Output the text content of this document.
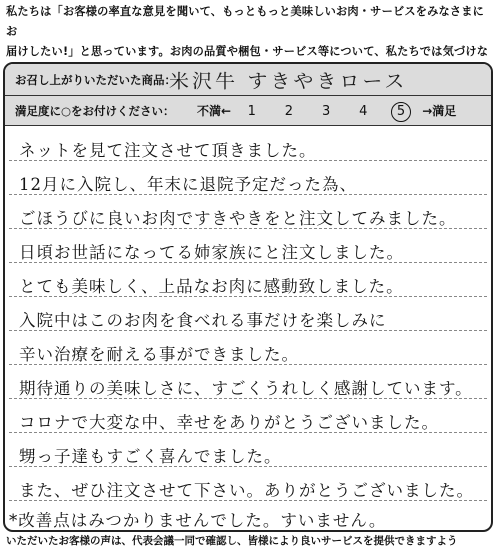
私たちは「お客様の率直な意見を聞いて、もっともっと美味しいお肉・サービスをみなさまにお
届けしたい!」と思っています。お肉の品質や梱包・サービス等について、私たちでは気づけな
お召し上がりいただいた商品：
米沢牛 すきやきロース
満足度に○をお付けください： 不満← 1 2 3 4 5 →満足
ネットを見て注文させて頂きました。
12月に入院し、年末に退院予定だった為、
ごほうびに良いお肉ですきやきをと注文してみました。
日頃お世話になってる姉家族にと注文しました。
とても美味しく、上品なお肉に感動致しました。
入院中はこのお肉を食べれる事だけを楽しみに
辛い治療を耐える事ができました。
期待通りの美味しさに、すごくうれしく感謝しています。
コロナで大変な中、幸せをありがとうございました。
甥っ子達もすごく喜んでました。
また、ぜひ注文させて下さい。ありがとうございました。
*改善点はみつかりませんでした。すいません。
いただいたお客様の声は、代表会議一同で確認し、皆様により良いサービスを提供できますよう
